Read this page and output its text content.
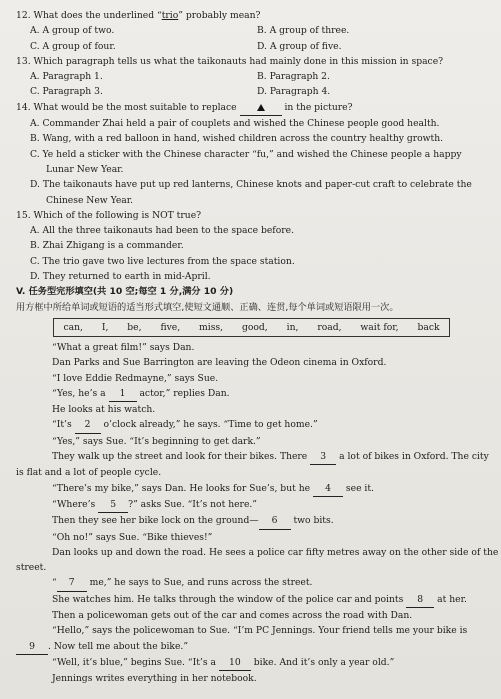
12. What does the underlined “trio” probably mean?
A. A group of two.	B. A group of three.
C. A group of four.	D. A group of five.
13. Which paragraph tells us what the taikonauts had mainly done in this mission in space?
A. Paragraph 1.	B. Paragraph 2.
C. Paragraph 3.	D. Paragraph 4.
14. What would be the most suitable to replace	in the picture?
A. Commander Zhai held a pair of couplets and wished the Chinese people good health.
B. Wang, with a red balloon in hand, wished children across the country healthy growth.
C. Ye held a sticker with the Chinese character “fu,” and wished the Chinese people a happy
Lunar New Year.
D. The taikonauts have put up red lanterns, Chinese knots and paper-cut craft to celebrate the
Chinese New Year.
15. Which of the following is NOT true?
A. All the three taikonauts had been to the space before.
B. Zhai Zhigang is a commander.
C. The trio gave two live lectures from the space station.
D. They returned to earth in mid-April.
V. 任务型完形填空(共 10 空;每空 1 分,满分 10 分)
用方框中所给单词或短语的适当形式填空,使短文通顺、正确、连贯,每个单词或短语限用一次。
can, I, be, five, miss, good, in, road, wait for, back
“What a great film!” says Dan.
Dan Parks and Sue Barrington are leaving the Odeon cinema in Oxford.
“I love Eddie Redmayne,” says Sue.
“Yes, he’s a 1 actor,” replies Dan.
He looks at his watch.
“It’s 2 o’clock already,” he says. “Time to get home.”
“Yes,” says Sue. “It’s beginning to get dark.”
They walk up the street and look for their bikes. There 3 a lot of bikes in Oxford. The city
is flat and a lot of people cycle.
“There’s my bike,” says Dan. He looks for Sue’s, but he 4 see it.
“Where’s 5 ?” asks Sue. “It’s not here.”
Then they see her bike lock on the ground— 6 two bits.
“Oh no!” says Sue. “Bike thieves!”
Dan looks up and down the road. He sees a police car fifty metres away on the other side of the
street.
“ 7 me,” he says to Sue, and runs across the street.
She watches him. He talks through the window of the police car and points 8 at her.
Then a policewoman gets out of the car and comes across the road with Dan.
“Hello,” says the policewoman to Sue. “I’m PC Jennings. Your friend tells me your bike is
9 . Now tell me about the bike.”
“Well, it’s blue,” begins Sue. “It’s a 10 bike. And it’s only a year old.”
Jennings writes everything in her notebook.
